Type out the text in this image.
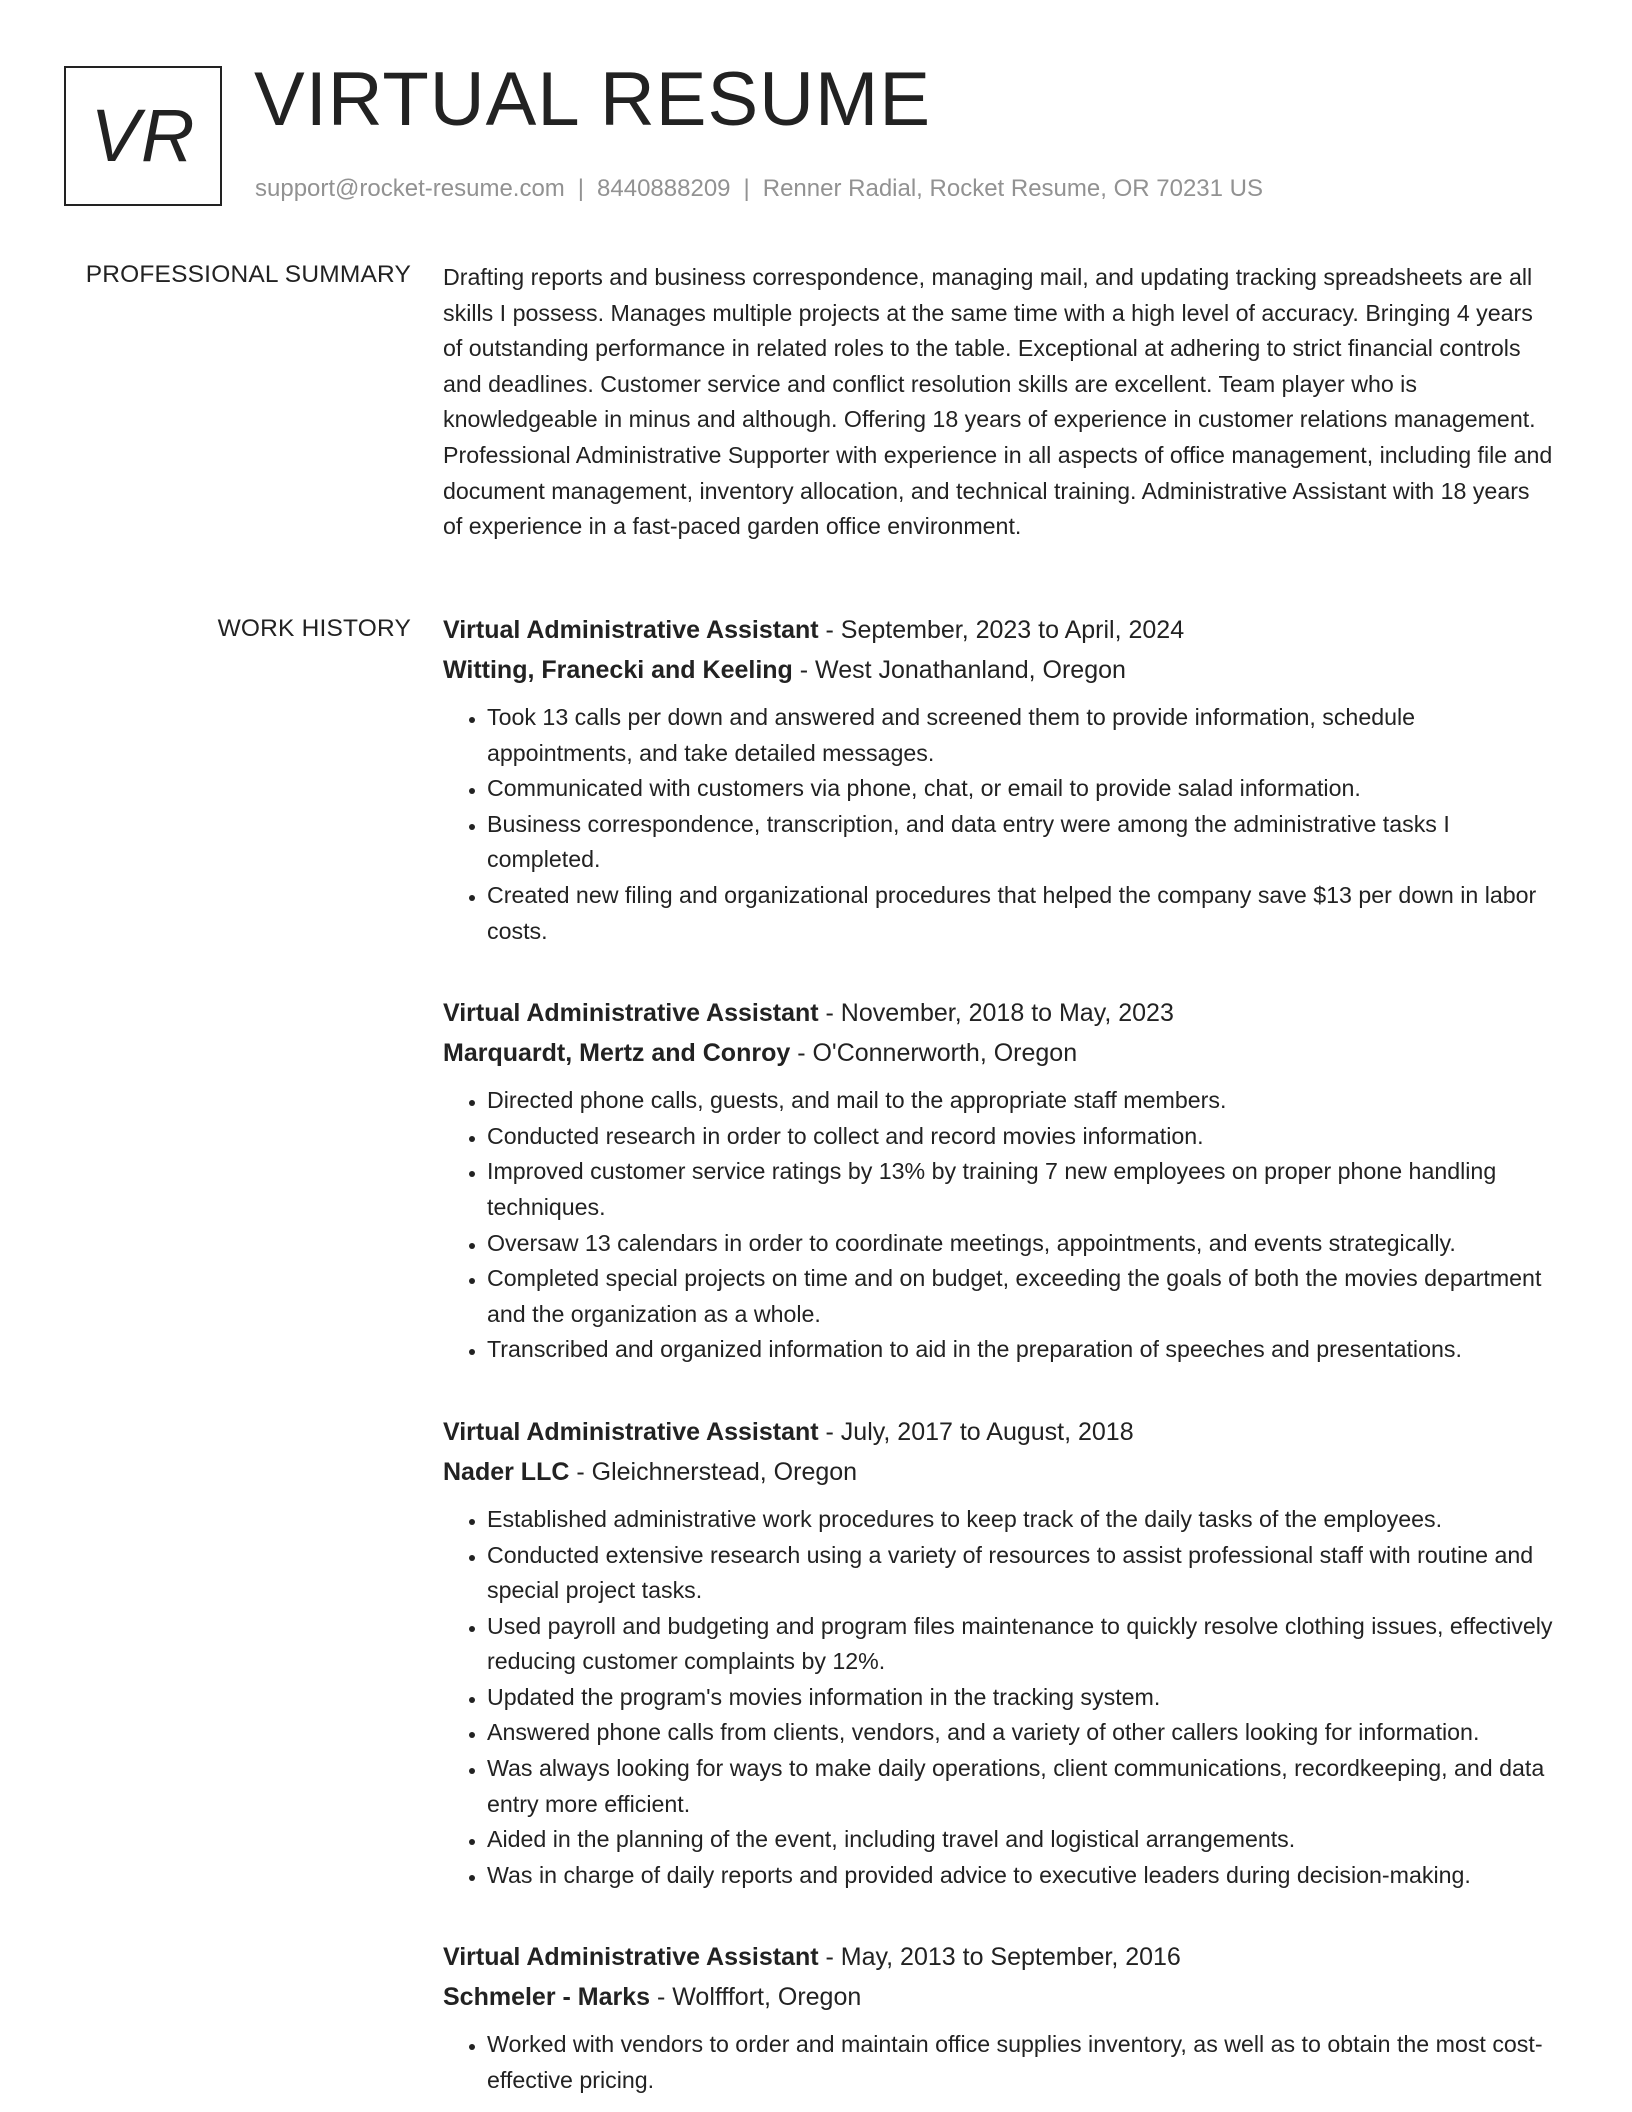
VR VIRTUAL RESUME
support@rocket-resume.com | 8440888209 | Renner Radial, Rocket Resume, OR 70231 US
PROFESSIONAL SUMMARY Drafting reports and business correspondence, managing mail, and updating tracking spreadsheets are all skills I possess. Manages multiple projects at the same time with a high level of accuracy. Bringing 4 years of outstanding performance in related roles to the table. Exceptional at adhering to strict financial controls and deadlines. Customer service and conflict resolution skills are excellent. Team player who is knowledgeable in minus and although. Offering 18 years of experience in customer relations management. Professional Administrative Supporter with experience in all aspects of office management, including file and document management, inventory allocation, and technical training. Administrative Assistant with 18 years of experience in a fast-paced garden office environment.

WORK HISTORY Virtual Administrative Assistant - September, 2023 to April, 2024
Witting, Franecki and Keeling - West Jonathanland, Oregon
• Took 13 calls per down and answered and screened them to provide information, schedule appointments, and take detailed messages.
• Communicated with customers via phone, chat, or email to provide salad information.
• Business correspondence, transcription, and data entry were among the administrative tasks I completed.
• Created new filing and organizational procedures that helped the company save $13 per down in labor costs.
Virtual Administrative Assistant - November, 2018 to May, 2023
Marquardt, Mertz and Conroy - O'Connerworth, Oregon
• Directed phone calls, guests, and mail to the appropriate staff members.
• Conducted research in order to collect and record movies information.
• Improved customer service ratings by 13% by training 7 new employees on proper phone handling techniques.
• Oversaw 13 calendars in order to coordinate meetings, appointments, and events strategically.
• Completed special projects on time and on budget, exceeding the goals of both the movies department and the organization as a whole.
• Transcribed and organized information to aid in the preparation of speeches and presentations.
Virtual Administrative Assistant - July, 2017 to August, 2018
Nader LLC - Gleichnerstead, Oregon
• Established administrative work procedures to keep track of the daily tasks of the employees.
• Conducted extensive research using a variety of resources to assist professional staff with routine and special project tasks.
• Used payroll and budgeting and program files maintenance to quickly resolve clothing issues, effectively reducing customer complaints by 12%.
• Updated the program's movies information in the tracking system.
• Answered phone calls from clients, vendors, and a variety of other callers looking for information.
• Was always looking for ways to make daily operations, client communications, recordkeeping, and data entry more efficient.
• Aided in the planning of the event, including travel and logistical arrangements.
• Was in charge of daily reports and provided advice to executive leaders during decision-making.
Virtual Administrative Assistant - May, 2013 to September, 2016
Schmeler - Marks - Wolfffort, Oregon
• Worked with vendors to order and maintain office supplies inventory, as well as to obtain the most cost-effective pricing.
